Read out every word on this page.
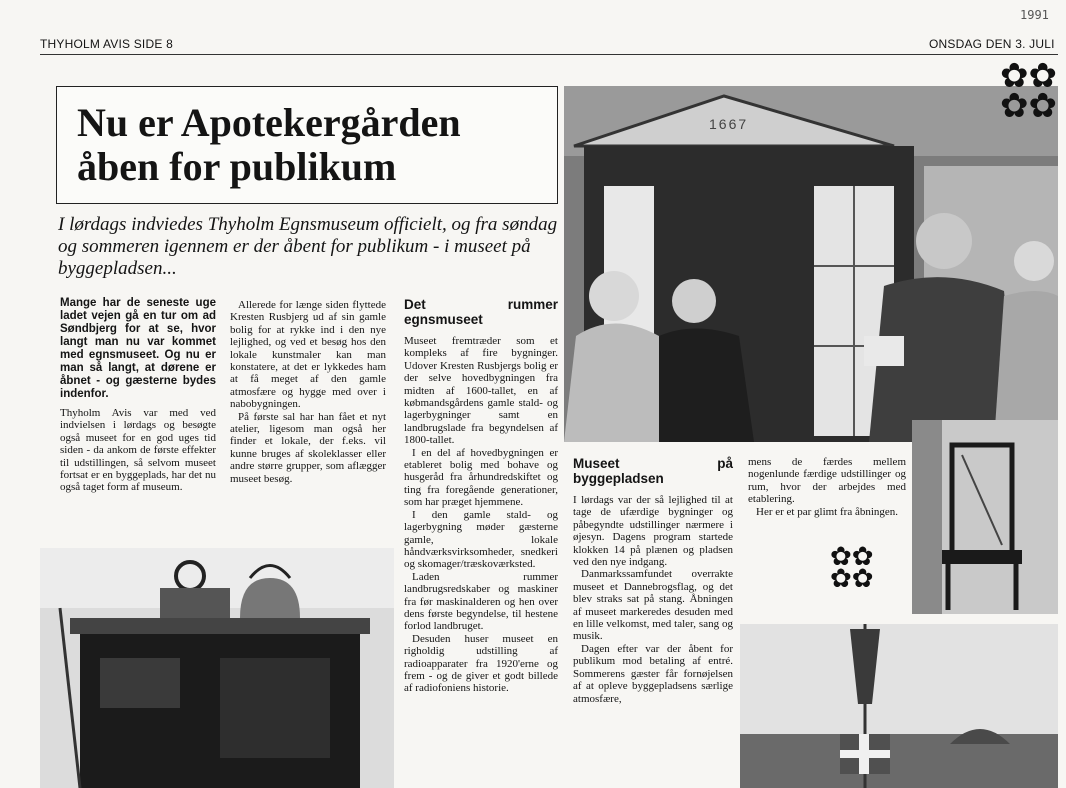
THYHOLM AVIS SIDE 8	ONSDAG DEN 3. JULI
1991
Nu er Apotekergården
åben for publikum
I lørdags indviedes Thyholm Egnsmuseum officielt, og fra søndag og sommeren igennem er der åbent for publikum - i museet på byggepladsen...
1667
✿✿
✿✿

Mange har de seneste uge ladet vejen gå en tur om ad Søndbjerg for at se, hvor langt man nu var kommet med egnsmuseet. Og nu er man så langt, at dørene er åbnet - og gæsterne bydes indenfor.

Thyholm Avis var med ved indvielsen i lørdags og besøgte også museet for en god uges tid siden - da ankom de første effekter til udstillingen, så selvom museet fortsat er en byggeplads, har det nu også taget form af museum.

Allerede for længe siden flyttede Kresten Rusbjerg ud af sin gamle bolig for at rykke ind i den nye lejlighed, og ved et besøg hos den lokale kunstmaler kan man konstatere, at det er lykkedes ham at få meget af den gamle atmosfære og hygge med over i nabobygningen.

På første sal har han fået et nyt atelier, ligesom man også her finder et lokale, der f.eks. vil kunne bruges af skoleklasser eller andre større grupper, som aflægger museet besøg.

Det rummer egnsmuseet

Museet fremtræder som et kompleks af fire bygninger. Udover Kresten Rusbjergs bolig er der selve hovedbygningen fra midten af 1600-tallet, en af købmandsgårdens gamle stald- og lagerbygninger samt en landbrugslade fra begyndelsen af 1800-tallet.

I en del af hovedbygningen er etableret bolig med bohave og husgeråd fra århundredskiftet og ting fra foregående generationer, som har præget hjemmene.

I den gamle stald- og lagerbygning møder gæsterne gamle, lokale håndværksvirksomheder, snedkeri og skomager/træskoværksted.

Laden rummer landbrugsredskaber og maskiner fra før maskinalderen og hen over dens første begyndelse, til hestene forlod landbruget.

Desuden huser museet en righoldig udstilling af radioapparater fra 1920'erne og frem - og de giver et godt billede af radiofoniens historie.

Museet på byggepladsen

I lørdags var der så lejlighed til at tage de ufærdige bygninger og påbegyndte udstillinger nærmere i øjesyn. Dagens program startede klokken 14 på plænen og pladsen ved den nye indgang.

Danmarkssamfundet overrakte museet et Dannebrogsflag, og det blev straks sat på stang. Åbningen af museet markeredes desuden med en lille velkomst, med taler, sang og musik.

Dagen efter var der åbent for publikum mod betaling af entré. Sommerens gæster får fornøjelsen af at opleve byggepladsens særlige atmosfære,

mens de færdes mellem nogenlunde færdige udstillinger og rum, hvor der arbejdes med etablering.

Her er et par glimt fra åbningen.

✿✿
✿✿
